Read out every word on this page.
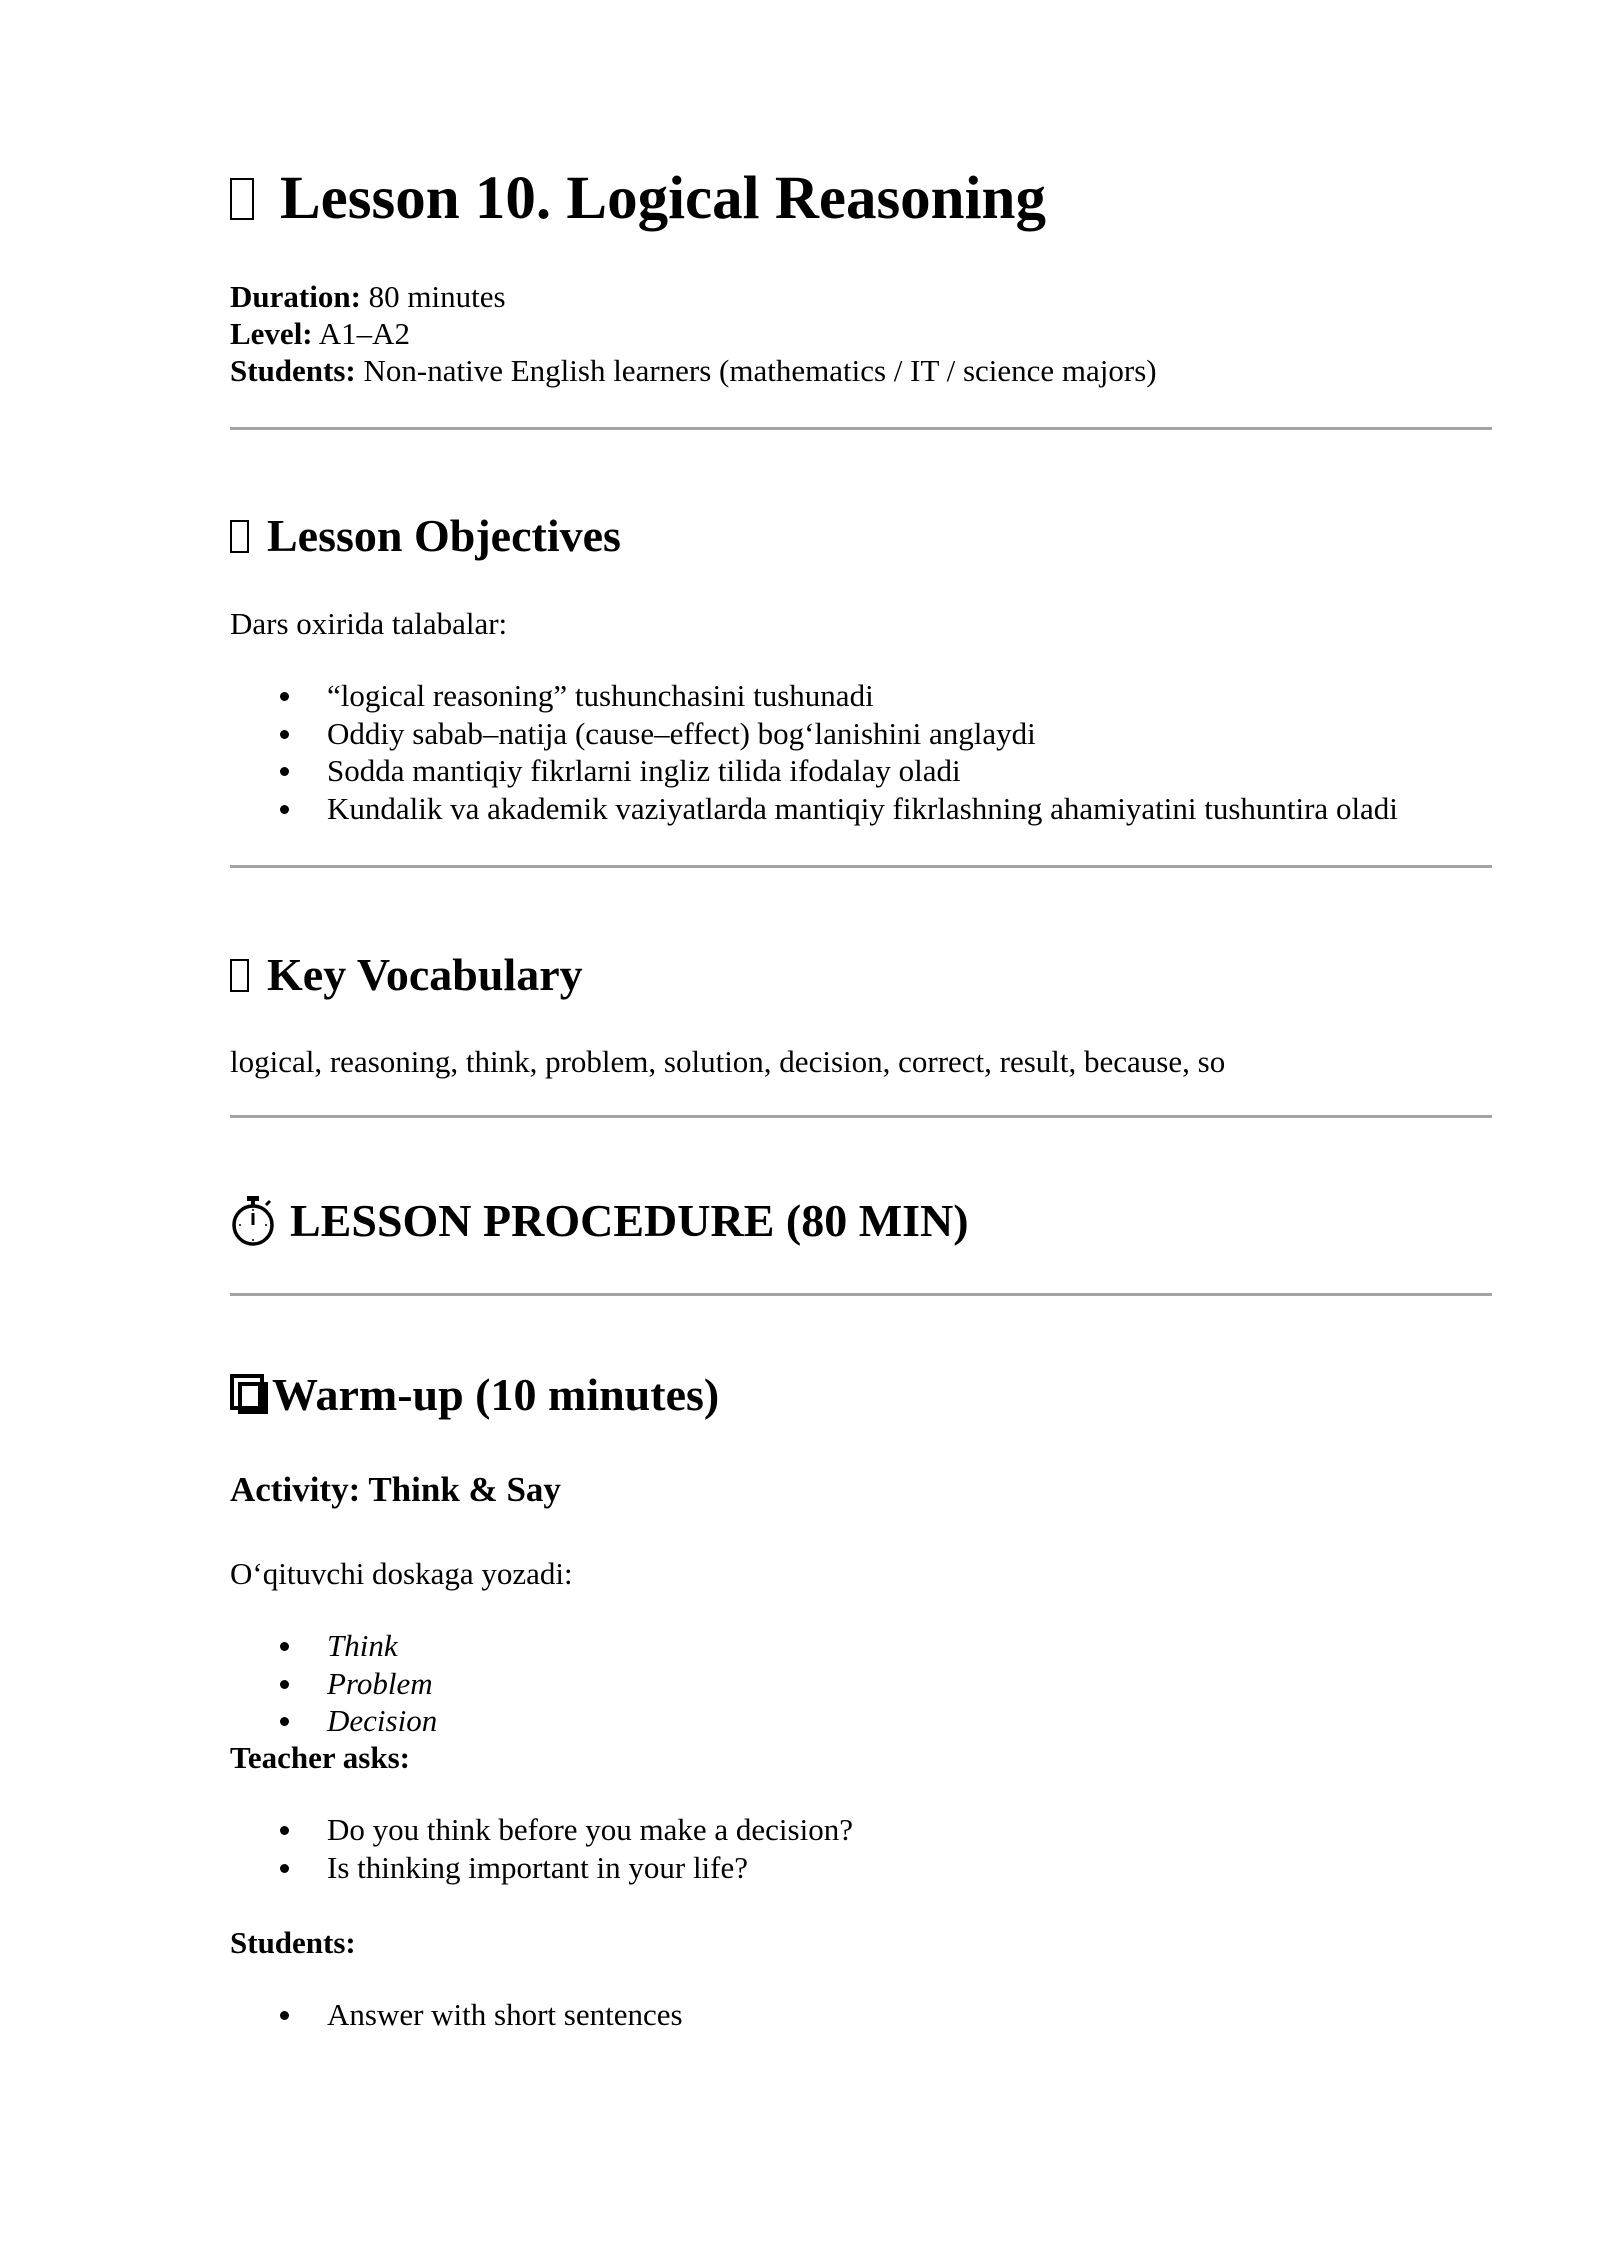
Lesson 10. Logical Reasoning

Duration: 80 minutes

Level: A1–A2

Students: Non-native English learners (mathematics / IT / science majors)

Lesson Objectives

Dars oxirida talabalar:

“logical reasoning” tushunchasini tushunadi
Oddiy sabab–natija (cause–effect) bog‘lanishini anglaydi
Sodda mantiqiy fikrlarni ingliz tilida ifodalay oladi
Kundalik va akademik vaziyatlarda mantiqiy fikrlashning ahamiyatini tushuntira oladi
Key Vocabulary

logical, reasoning, think, problem, solution, decision, correct, result, because, so

LESSON PROCEDURE (80 MIN)
Warm-up (10 minutes)
Activity: Think & Say

O‘qituvchi doskaga yozadi:

Think
Problem
Decision

Teacher asks:

Do you think before you make a decision?
Is thinking important in your life?

Students:

Answer with short sentences
